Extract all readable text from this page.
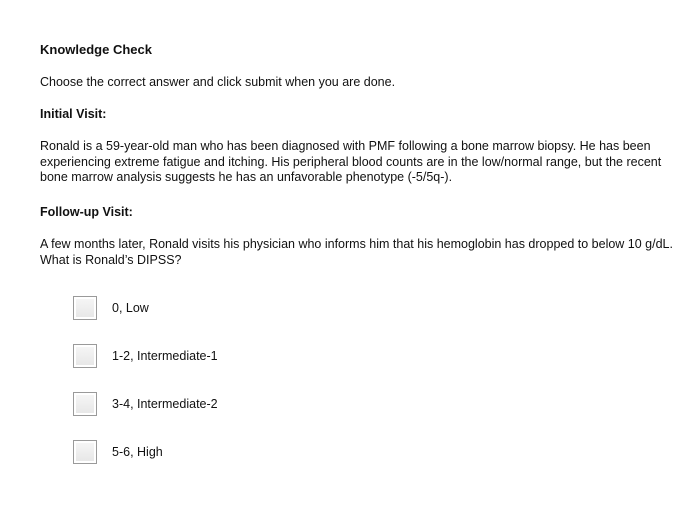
Knowledge Check

Choose the correct answer and click submit when you are done.

Initial Visit:

Ronald is a 59-year-old man who has been diagnosed with PMF following a bone marrow biopsy. He has been experiencing extreme fatigue and itching. His peripheral blood counts are in the low/normal range, but the recent bone marrow analysis suggests he has an unfavorable phenotype (-5/5q-).

Follow-up Visit:

A few months later, Ronald visits his physician who informs him that his hemoglobin has dropped to below 10 g/dL. What is Ronald’s DIPSS?

0, Low
1-2, Intermediate-1
3-4, Intermediate-2
5-6, High
